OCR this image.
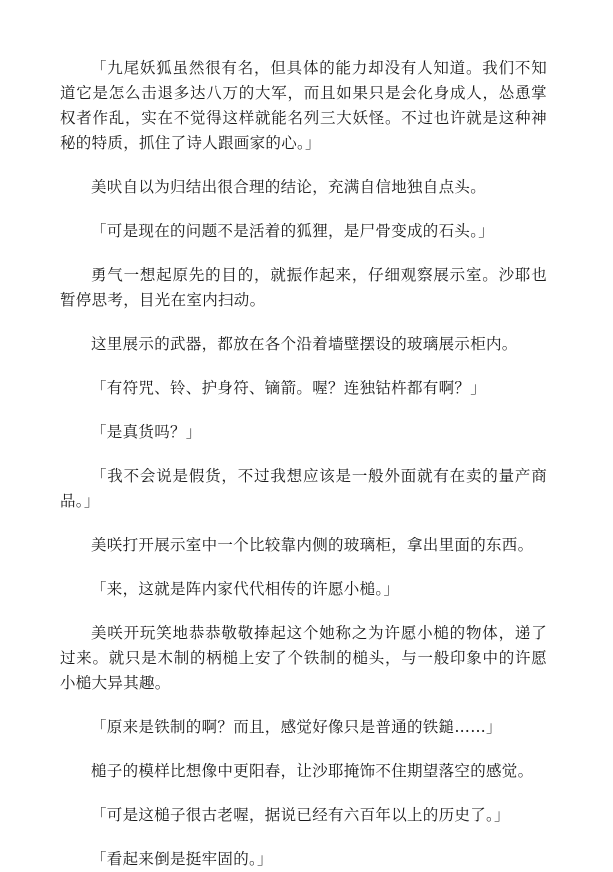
「九尾妖狐虽然很有名，但具体的能力却没有人知道。我们不知道它是怎么击退多达八万的大军，而且如果只是会化身成人，怂恿掌权者作乱，实在不觉得这样就能名列三大妖怪。不过也许就是这种神秘的特质，抓住了诗人跟画家的心。」

美吠自以为归结出很合理的结论，充满自信地独自点头。

「可是现在的问题不是活着的狐狸，是尸骨变成的石头。」

勇气一想起原先的目的，就振作起来，仔细观察展示室。沙耶也暂停思考，目光在室内扫动。

这里展示的武器，都放在各个沿着墙壁摆设的玻璃展示柜内。

「有符咒、铃、护身符、镝箭。喔？连独钴杵都有啊？」

「是真货吗？」

「我不会说是假货，不过我想应该是一般外面就有在卖的量产商品。」

美咲打开展示室中一个比较靠内侧的玻璃柜，拿出里面的东西。

「来，这就是阵内家代代相传的许愿小槌。」

美咲开玩笑地恭恭敬敬捧起这个她称之为许愿小槌的物体，递了过来。就只是木制的柄槌上安了个铁制的槌头，与一般印象中的许愿小槌大异其趣。

「原来是铁制的啊？而且，感觉好像只是普通的铁鎚……」

槌子的模样比想像中更阳春，让沙耶掩饰不住期望落空的感觉。

「可是这槌子很古老喔，据说已经有六百年以上的历史了。」

「看起来倒是挺牢固的。」
